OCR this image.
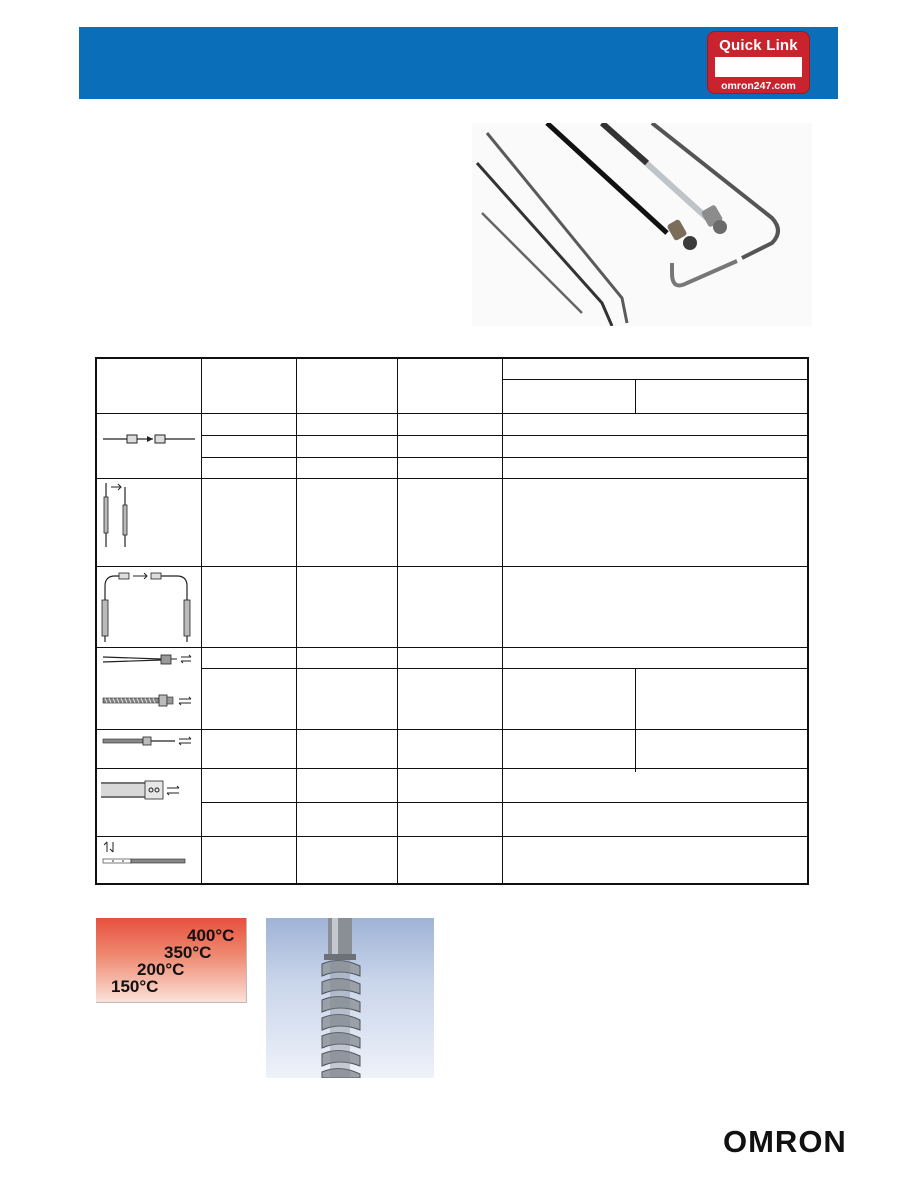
Quick Link
omron247.com
400°C
350°C
200°C
150°C
OMRON
